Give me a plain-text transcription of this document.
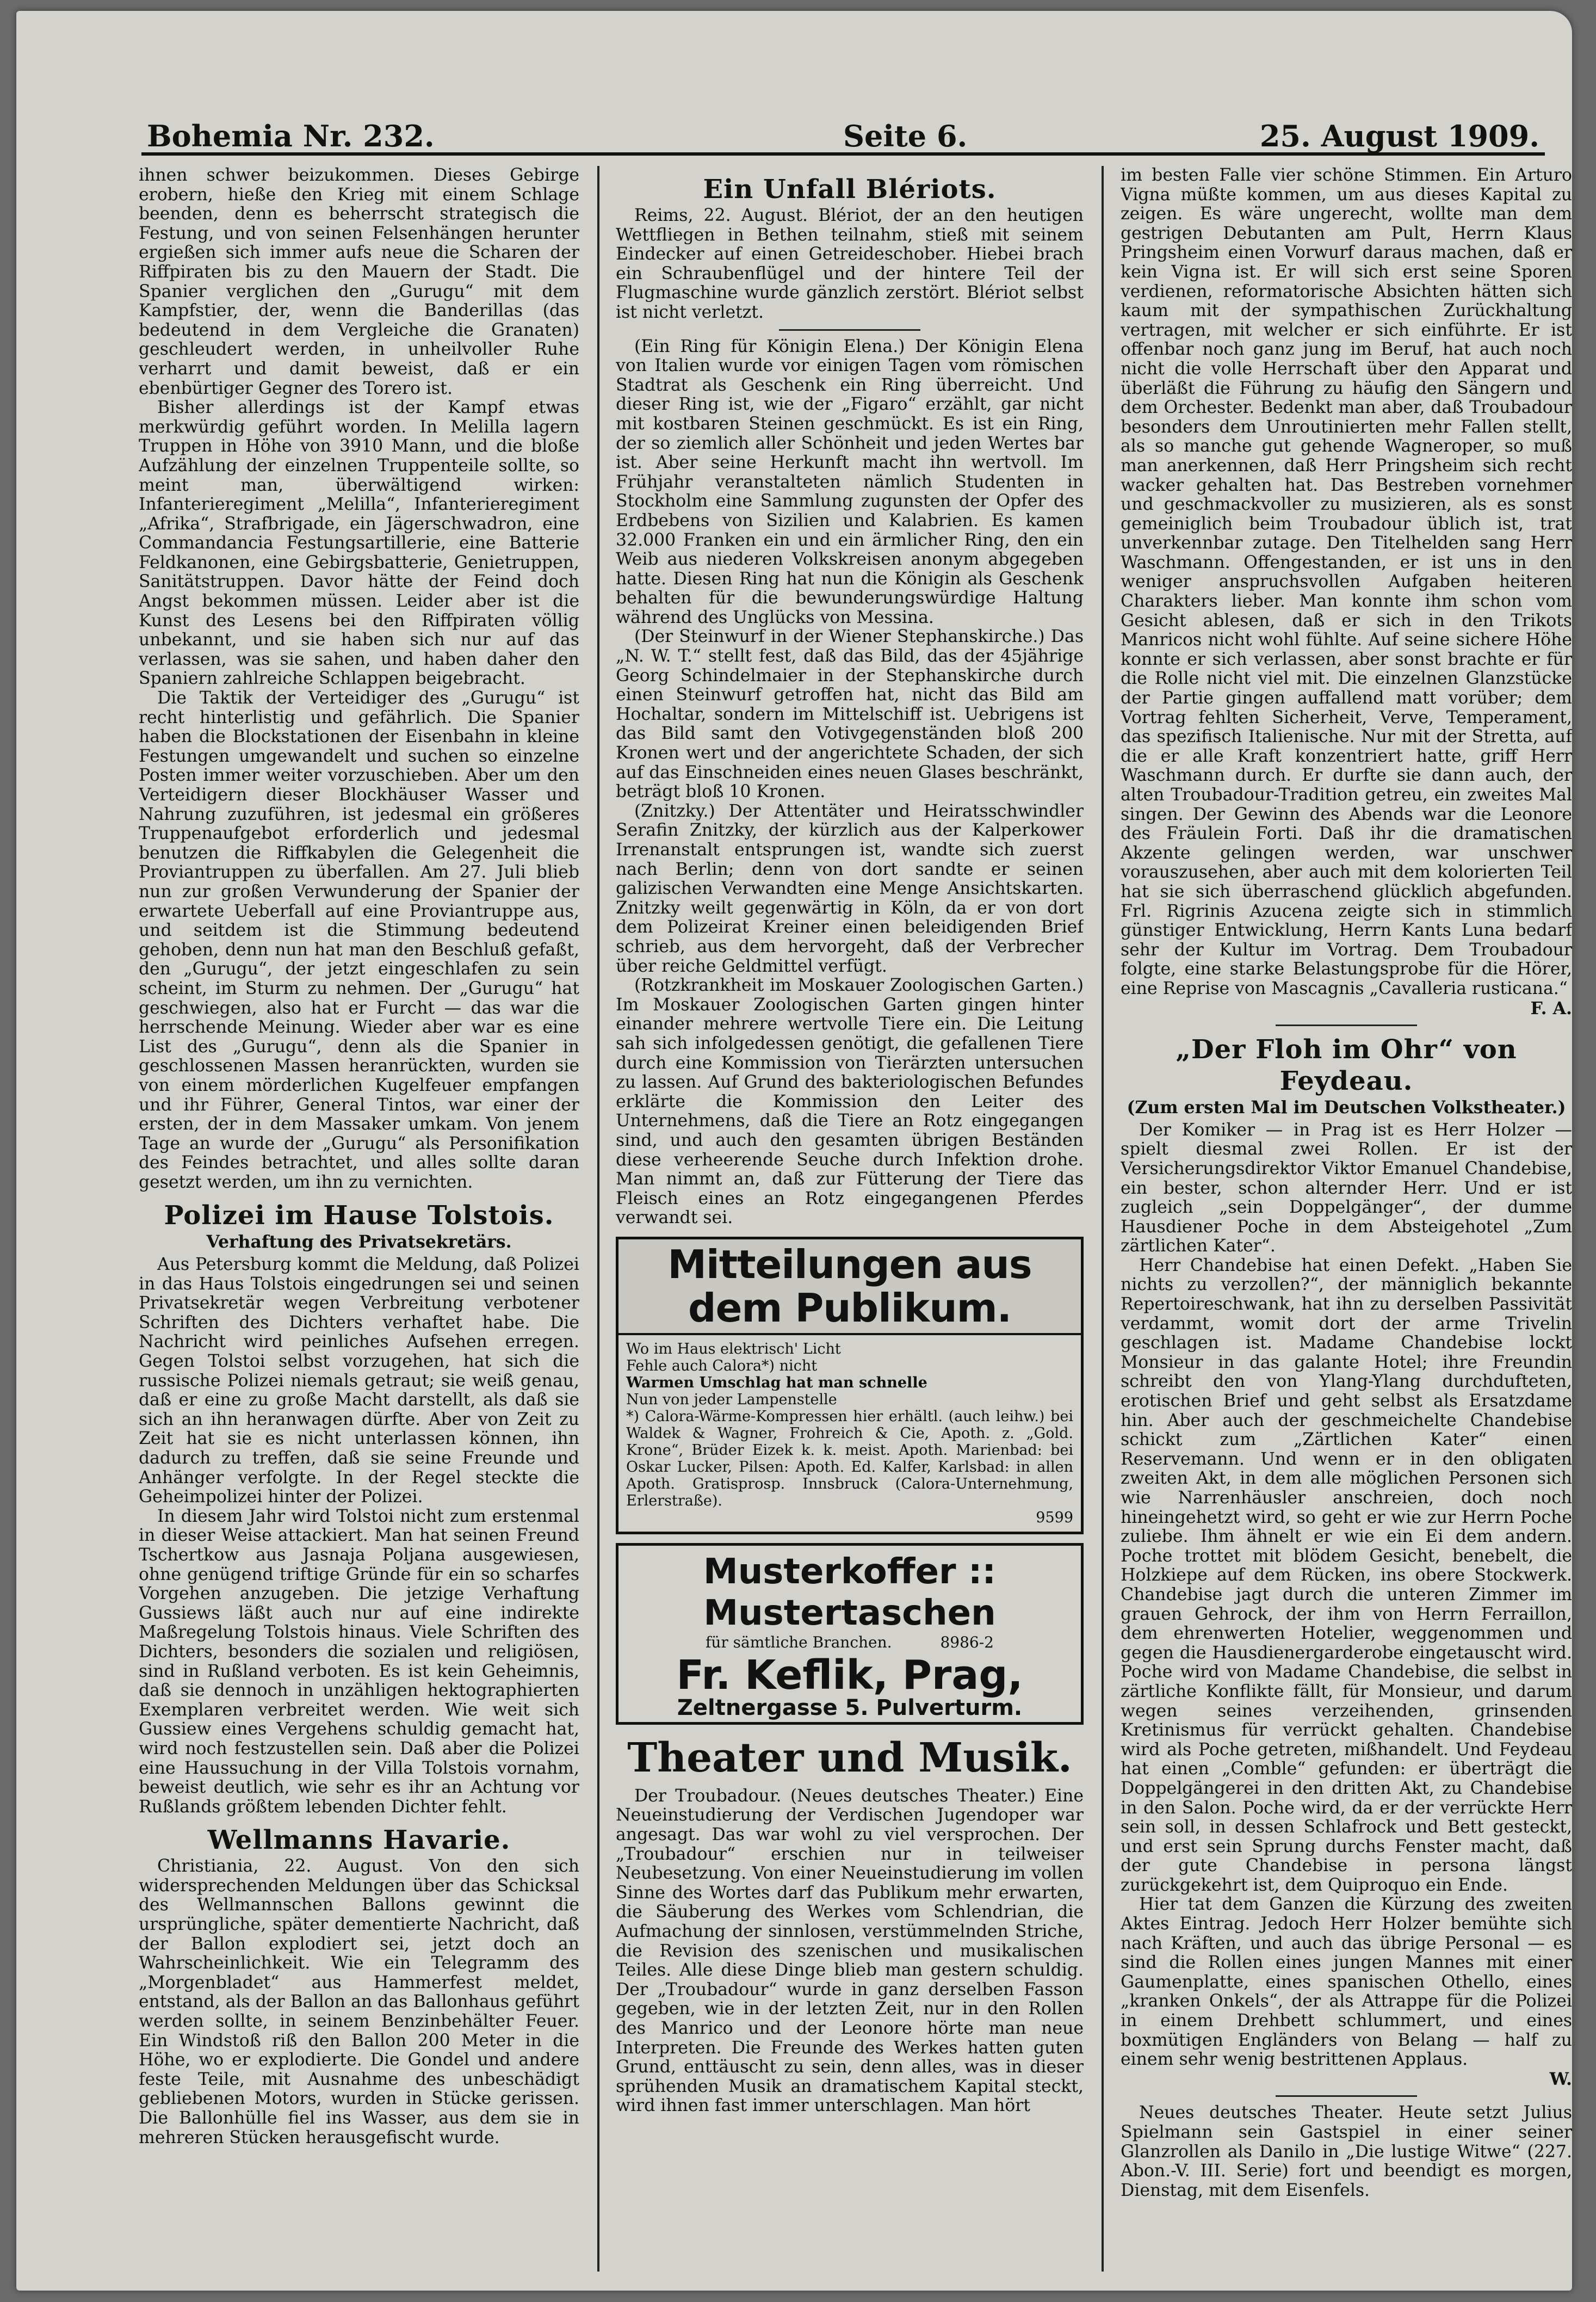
Bohemia Nr. 232.	Seite 6.	25. August 1909.

ihnen schwer beizukommen. Dieses Gebirge erobern, hieße den Krieg mit einem Schlage beenden, denn es beherrscht strategisch die Festung, und von seinen Felsenhängen herunter ergießen sich immer aufs neue die Scharen der Riffpiraten bis zu den Mauern der Stadt. Die Spanier verglichen den „Gurugu“ mit dem Kampfstier, der, wenn die Banderillas (das bedeutend in dem Vergleiche die Granaten) geschleudert werden, in unheilvoller Ruhe verharrt und damit beweist, daß er ein ebenbürtiger Gegner des Torero ist.

Bisher allerdings ist der Kampf etwas merkwürdig geführt worden. In Melilla lagern Truppen in Höhe von 3910 Mann, und die bloße Aufzählung der einzelnen Truppenteile sollte, so meint man, überwältigend wirken: Infanterieregiment „Melilla“, Infanterieregiment „Afrika“, Strafbrigade, ein Jägerschwadron, eine Commandancia Festungsartillerie, eine Batterie Feldkanonen, eine Gebirgsbatterie, Genietruppen, Sanitätstruppen. Davor hätte der Feind doch Angst bekommen müssen. Leider aber ist die Kunst des Lesens bei den Riffpiraten völlig unbekannt, und sie haben sich nur auf das verlassen, was sie sahen, und haben daher den Spaniern zahlreiche Schlappen beigebracht.

Die Taktik der Verteidiger des „Gurugu“ ist recht hinterlistig und gefährlich. Die Spanier haben die Blockstationen der Eisenbahn in kleine Festungen umgewandelt und suchen so einzelne Posten immer weiter vorzuschieben. Aber um den Verteidigern dieser Blockhäuser Wasser und Nahrung zuzuführen, ist jedesmal ein größeres Truppenaufgebot erforderlich und jedesmal benutzen die Riffkabylen die Gelegenheit die Proviantruppen zu überfallen. Am 27. Juli blieb nun zur großen Verwunderung der Spanier der erwartete Ueberfall auf eine Proviantruppe aus, und seitdem ist die Stimmung bedeutend gehoben, denn nun hat man den Beschluß gefaßt, den „Gurugu“, der jetzt eingeschlafen zu sein scheint, im Sturm zu nehmen. Der „Gurugu“ hat geschwiegen, also hat er Furcht — das war die herrschende Meinung. Wieder aber war es eine List des „Gurugu“, denn als die Spanier in geschlossenen Massen heranrückten, wurden sie von einem mörderlichen Kugelfeuer empfangen und ihr Führer, General Tintos, war einer der ersten, der in dem Massaker umkam. Von jenem Tage an wurde der „Gurugu“ als Personifikation des Feindes betrachtet, und alles sollte daran gesetzt werden, um ihn zu vernichten.

Polizei im Hause Tolstois.

Verhaftung des Privatsekretärs.

Aus Petersburg kommt die Meldung, daß Polizei in das Haus Tolstois eingedrungen sei und seinen Privatsekretär wegen Verbreitung verbotener Schriften des Dichters verhaftet habe. Die Nachricht wird peinliches Aufsehen erregen. Gegen Tolstoi selbst vorzugehen, hat sich die russische Polizei niemals getraut; sie weiß genau, daß er eine zu große Macht darstellt, als daß sie sich an ihn heranwagen dürfte. Aber von Zeit zu Zeit hat sie es nicht unterlassen können, ihn dadurch zu treffen, daß sie seine Freunde und Anhänger verfolgte. In der Regel steckte die Geheimpolizei hinter der Polizei.

In diesem Jahr wird Tolstoi nicht zum erstenmal in dieser Weise attackiert. Man hat seinen Freund Tschertkow aus Jasnaja Poljana ausgewiesen, ohne genügend triftige Gründe für ein so scharfes Vorgehen anzugeben. Die jetzige Verhaftung Gussiews läßt auch nur auf eine indirekte Maßregelung Tolstois hinaus. Viele Schriften des Dichters, besonders die sozialen und religiösen, sind in Rußland verboten. Es ist kein Geheimnis, daß sie dennoch in unzähligen hektographierten Exemplaren verbreitet werden. Wie weit sich Gussiew eines Vergehens schuldig gemacht hat, wird noch festzustellen sein. Daß aber die Polizei eine Haussuchung in der Villa Tolstois vornahm, beweist deutlich, wie sehr es ihr an Achtung vor Rußlands größtem lebenden Dichter fehlt.

Wellmanns Havarie.

Christiania, 22. August. Von den sich widersprechenden Meldungen über das Schicksal des Wellmannschen Ballons gewinnt die ursprüngliche, später dementierte Nachricht, daß der Ballon explodiert sei, jetzt doch an Wahrscheinlichkeit. Wie ein Telegramm des „Morgenbladet“ aus Hammerfest meldet, entstand, als der Ballon an das Ballonhaus geführt werden sollte, in seinem Benzinbehälter Feuer. Ein Windstoß riß den Ballon 200 Meter in die Höhe, wo er explodierte. Die Gondel und andere feste Teile, mit Ausnahme des unbeschädigt gebliebenen Motors, wurden in Stücke gerissen. Die Ballonhülle fiel ins Wasser, aus dem sie in mehreren Stücken herausgefischt wurde.

Ein Unfall Blériots.

Reims, 22. August. Blériot, der an den heutigen Wettfliegen in Bethen teilnahm, stieß mit seinem Eindecker auf einen Getreideschober. Hiebei brach ein Schraubenflügel und der hintere Teil der Flugmaschine wurde gänzlich zerstört. Blériot selbst ist nicht verletzt.

(Ein Ring für Königin Elena.) Der Königin Elena von Italien wurde vor einigen Tagen vom römischen Stadtrat als Geschenk ein Ring überreicht. Und dieser Ring ist, wie der „Figaro“ erzählt, gar nicht mit kostbaren Steinen geschmückt. Es ist ein Ring, der so ziemlich aller Schönheit und jeden Wertes bar ist. Aber seine Herkunft macht ihn wertvoll. Im Frühjahr veranstalteten nämlich Studenten in Stockholm eine Sammlung zugunsten der Opfer des Erdbebens von Sizilien und Kalabrien. Es kamen 32.000 Franken ein und ein ärmlicher Ring, den ein Weib aus niederen Volkskreisen anonym abgegeben hatte. Diesen Ring hat nun die Königin als Geschenk behalten für die bewunderungswürdige Haltung während des Unglücks von Messina.

(Der Steinwurf in der Wiener Stephanskirche.) Das „N. W. T.“ stellt fest, daß das Bild, das der 45jährige Georg Schindelmaier in der Stephanskirche durch einen Steinwurf getroffen hat, nicht das Bild am Hochaltar, sondern im Mittelschiff ist. Uebrigens ist das Bild samt den Votivgegenständen bloß 200 Kronen wert und der angerichtete Schaden, der sich auf das Einschneiden eines neuen Glases beschränkt, beträgt bloß 10 Kronen.

(Znitzky.) Der Attentäter und Heiratsschwindler Serafin Znitzky, der kürzlich aus der Kalperkower Irrenanstalt entsprungen ist, wandte sich zuerst nach Berlin; denn von dort sandte er seinen galizischen Verwandten eine Menge Ansichtskarten. Znitzky weilt gegenwärtig in Köln, da er von dort dem Polizeirat Kreiner einen beleidigenden Brief schrieb, aus dem hervorgeht, daß der Verbrecher über reiche Geldmittel verfügt.

(Rotzkrankheit im Moskauer Zoologischen Garten.) Im Moskauer Zoologischen Garten gingen hinter einander mehrere wertvolle Tiere ein. Die Leitung sah sich infolgedessen genötigt, die gefallenen Tiere durch eine Kommission von Tierärzten untersuchen zu lassen. Auf Grund des bakteriologischen Befundes erklärte die Kommission den Leiter des Unternehmens, daß die Tiere an Rotz eingegangen sind, und auch den gesamten übrigen Beständen diese verheerende Seuche durch Infektion drohe. Man nimmt an, daß zur Fütterung der Tiere das Fleisch eines an Rotz eingegangenen Pferdes verwandt sei.

Mitteilungen aus dem Publikum.
Wo im Haus elektrisch' Licht
Fehle auch Calora*) nicht
Warmen Umschlag hat man schnelle
Nun von jeder Lampenstelle
*) Calora-Wärme-Kompressen hier erhältl. (auch leihw.) bei Waldek & Wagner, Frohreich & Cie, Apoth. z. „Gold. Krone“, Brüder Eizek k. k. meist. Apoth. Marienbad: bei Oskar Lucker, Pilsen: Apoth. Ed. Kalfer, Karlsbad: in allen Apoth. Gratisprosp. Innsbruck (Calora-Unternehmung, Erlerstraße).
9599
Musterkoffer :: Mustertaschen
für sämtliche Branchen.	8986-2
Fr. Keflik, Prag,
Zeltnergasse 5. Pulverturm.
Theater und Musik.

Der Troubadour. (Neues deutsches Theater.) Eine Neueinstudierung der Verdischen Jugendoper war angesagt. Das war wohl zu viel versprochen. Der „Troubadour“ erschien nur in teilweiser Neubesetzung. Von einer Neueinstudierung im vollen Sinne des Wortes darf das Publikum mehr erwarten, die Säuberung des Werkes vom Schlendrian, die Aufmachung der sinnlosen, verstümmelnden Striche, die Revision des szenischen und musikalischen Teiles. Alle diese Dinge blieb man gestern schuldig. Der „Troubadour“ wurde in ganz derselben Fasson gegeben, wie in der letzten Zeit, nur in den Rollen des Manrico und der Leonore hörte man neue Interpreten. Die Freunde des Werkes hatten guten Grund, enttäuscht zu sein, denn alles, was in dieser sprühenden Musik an dramatischem Kapital steckt, wird ihnen fast immer unterschlagen. Man hört

im besten Falle vier schöne Stimmen. Ein Arturo Vigna müßte kommen, um aus dieses Kapital zu zeigen. Es wäre ungerecht, wollte man dem gestrigen Debutanten am Pult, Herrn Klaus Pringsheim einen Vorwurf daraus machen, daß er kein Vigna ist. Er will sich erst seine Sporen verdienen, reformatorische Absichten hätten sich kaum mit der sympathischen Zurückhaltung vertragen, mit welcher er sich einführte. Er ist offenbar noch ganz jung im Beruf, hat auch noch nicht die volle Herrschaft über den Apparat und überläßt die Führung zu häufig den Sängern und dem Orchester. Bedenkt man aber, daß Troubadour besonders dem Unroutinierten mehr Fallen stellt, als so manche gut gehende Wagneroper, so muß man anerkennen, daß Herr Pringsheim sich recht wacker gehalten hat. Das Bestreben vornehmer und geschmackvoller zu musizieren, als es sonst gemeiniglich beim Troubadour üblich ist, trat unverkennbar zutage. Den Titelhelden sang Herr Waschmann. Offengestanden, er ist uns in den weniger anspruchsvollen Aufgaben heiteren Charakters lieber. Man konnte ihm schon vom Gesicht ablesen, daß er sich in den Trikots Manricos nicht wohl fühlte. Auf seine sichere Höhe konnte er sich verlassen, aber sonst brachte er für die Rolle nicht viel mit. Die einzelnen Glanzstücke der Partie gingen auffallend matt vorüber; dem Vortrag fehlten Sicherheit, Verve, Temperament, das spezifisch Italienische. Nur mit der Stretta, auf die er alle Kraft konzentriert hatte, griff Herr Waschmann durch. Er durfte sie dann auch, der alten Troubadour-Tradition getreu, ein zweites Mal singen. Der Gewinn des Abends war die Leonore des Fräulein Forti. Daß ihr die dramatischen Akzente gelingen werden, war unschwer vorauszusehen, aber auch mit dem kolorierten Teil hat sie sich überraschend glücklich abgefunden. Frl. Rigrinis Azucena zeigte sich in stimmlich günstiger Entwicklung, Herrn Kants Luna bedarf sehr der Kultur im Vortrag. Dem Troubadour folgte, eine starke Belastungsprobe für die Hörer, eine Reprise von Mascagnis „Cavalleria rusticana.“

F. A.

„Der Floh im Ohr“ von Feydeau.

(Zum ersten Mal im Deutschen Volkstheater.)

Der Komiker — in Prag ist es Herr Holzer — spielt diesmal zwei Rollen. Er ist der Versicherungsdirektor Viktor Emanuel Chandebise, ein bester, schon alternder Herr. Und er ist zugleich „sein Doppelgänger“, der dumme Hausdiener Poche in dem Absteigehotel „Zum zärtlichen Kater“.

Herr Chandebise hat einen Defekt. „Haben Sie nichts zu verzollen?“, der männiglich bekannte Repertoireschwank, hat ihn zu derselben Passivität verdammt, womit dort der arme Trivelin geschlagen ist. Madame Chandebise lockt Monsieur in das galante Hotel; ihre Freundin schreibt den von Ylang-Ylang durchdufteten, erotischen Brief und geht selbst als Ersatzdame hin. Aber auch der geschmeichelte Chandebise schickt zum „Zärtlichen Kater“ einen Reservemann. Und wenn er in den obligaten zweiten Akt, in dem alle möglichen Personen sich wie Narrenhäusler anschreien, doch noch hineingehetzt wird, so geht er wie zur Herrn Poche zuliebe. Ihm ähnelt er wie ein Ei dem andern. Poche trottet mit blödem Gesicht, benebelt, die Holzkiepe auf dem Rücken, ins obere Stockwerk. Chandebise jagt durch die unteren Zimmer im grauen Gehrock, der ihm von Herrn Ferraillon, dem ehrenwerten Hotelier, weggenommen und gegen die Hausdienergarderobe eingetauscht wird. Poche wird von Madame Chandebise, die selbst in zärtliche Konflikte fällt, für Monsieur, und darum wegen seines verzeihenden, grinsenden Kretinismus für verrückt gehalten. Chandebise wird als Poche getreten, mißhandelt. Und Feydeau hat einen „Comble“ gefunden: er überträgt die Doppelgängerei in den dritten Akt, zu Chandebise in den Salon. Poche wird, da er der verrückte Herr sein soll, in dessen Schlafrock und Bett gesteckt, und erst sein Sprung durchs Fenster macht, daß der gute Chandebise in persona längst zurückgekehrt ist, dem Quiproquo ein Ende.

Hier tat dem Ganzen die Kürzung des zweiten Aktes Eintrag. Jedoch Herr Holzer bemühte sich nach Kräften, und auch das übrige Personal — es sind die Rollen eines jungen Mannes mit einer Gaumenplatte, eines spanischen Othello, eines „kranken Onkels“, der als Attrappe für die Polizei in einem Drehbett schlummert, und eines boxmütigen Engländers von Belang — half zu einem sehr wenig bestrittenen Applaus.

W.

Neues deutsches Theater. Heute setzt Julius Spielmann sein Gastspiel in einer seiner Glanzrollen als Danilo in „Die lustige Witwe“ (227. Abon.-V. III. Serie) fort und beendigt es morgen, Dienstag, mit dem Eisenfels.
